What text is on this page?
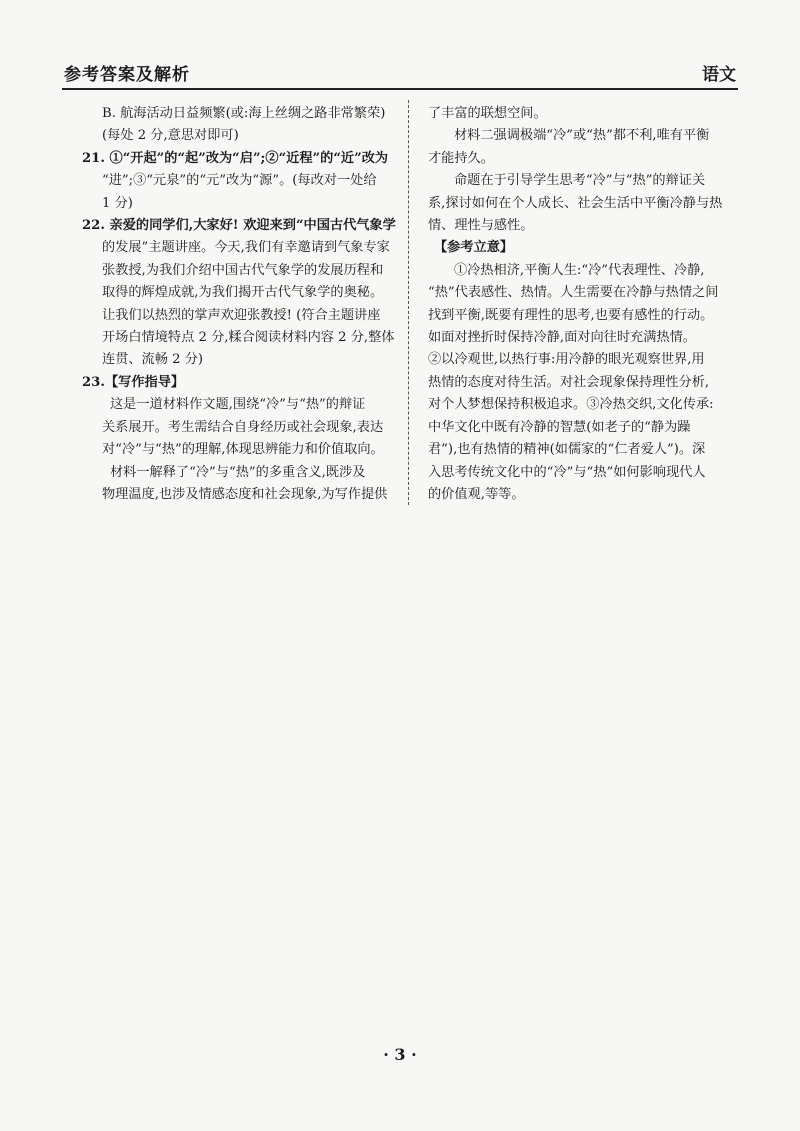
参考答案及解析	语文
B. 航海活动日益频繁(或:海上丝绸之路非常繁荣)
(每处 2 分,意思对即可)
21. ①“开起”的“起”改为“启”;②“近程”的“近”改为
“进”;③“元泉”的“元”改为“源”。(每改对一处给
1 分)
22. 亲爱的同学们,大家好! 欢迎来到“中国古代气象学
的发展”主题讲座。今天,我们有幸邀请到气象专家
张教授,为我们介绍中国古代气象学的发展历程和
取得的辉煌成就,为我们揭开古代气象学的奥秘。
让我们以热烈的掌声欢迎张教授! (符合主题讲座
开场白情境特点 2 分,糅合阅读材料内容 2 分,整体
连贯、流畅 2 分)
23.【写作指导】
这是一道材料作文题,围绕“冷”与“热”的辩证
关系展开。考生需结合自身经历或社会现象,表达
对“冷”与“热”的理解,体现思辨能力和价值取向。
材料一解释了“冷”与“热”的多重含义,既涉及
物理温度,也涉及情感态度和社会现象,为写作提供
了丰富的联想空间。
材料二强调极端“冷”或“热”都不利,唯有平衡
才能持久。
命题在于引导学生思考“冷”与“热”的辩证关
系,探讨如何在个人成长、社会生活中平衡冷静与热
情、理性与感性。
【参考立意】
①冷热相济,平衡人生:“冷”代表理性、冷静,
“热”代表感性、热情。人生需要在冷静与热情之间
找到平衡,既要有理性的思考,也要有感性的行动。
如面对挫折时保持冷静,面对向往时充满热情。
②以冷观世,以热行事:用冷静的眼光观察世界,用
热情的态度对待生活。对社会现象保持理性分析,
对个人梦想保持积极追求。③冷热交织,文化传承:
中华文化中既有冷静的智慧(如老子的“静为躁
君”),也有热情的精神(如儒家的“仁者爱人”)。深
入思考传统文化中的“冷”与“热”如何影响现代人
的价值观,等等。
· 3 ·
